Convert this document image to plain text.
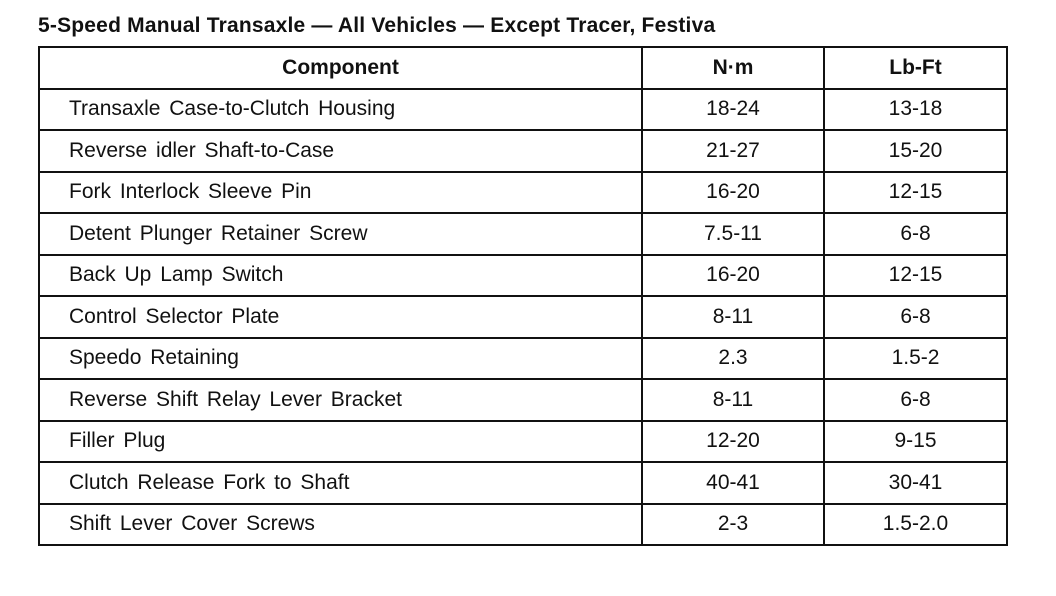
5-Speed Manual Transaxle — All Vehicles — Except Tracer, Festiva
Component	N·m	Lb-Ft
Transaxle Case-to-Clutch Housing	18-24	13-18
Reverse idler Shaft-to-Case	21-27	15-20
Fork Interlock Sleeve Pin	16-20	12-15
Detent Plunger Retainer Screw	7.5-11	6-8
Back Up Lamp Switch	16-20	12-15
Control Selector Plate	8-11	6-8
Speedo Retaining	2.3	1.5-2
Reverse Shift Relay Lever Bracket	8-11	6-8
Filler Plug	12-20	9-15
Clutch Release Fork to Shaft	40-41	30-41
Shift Lever Cover Screws	2-3	1.5-2.0
